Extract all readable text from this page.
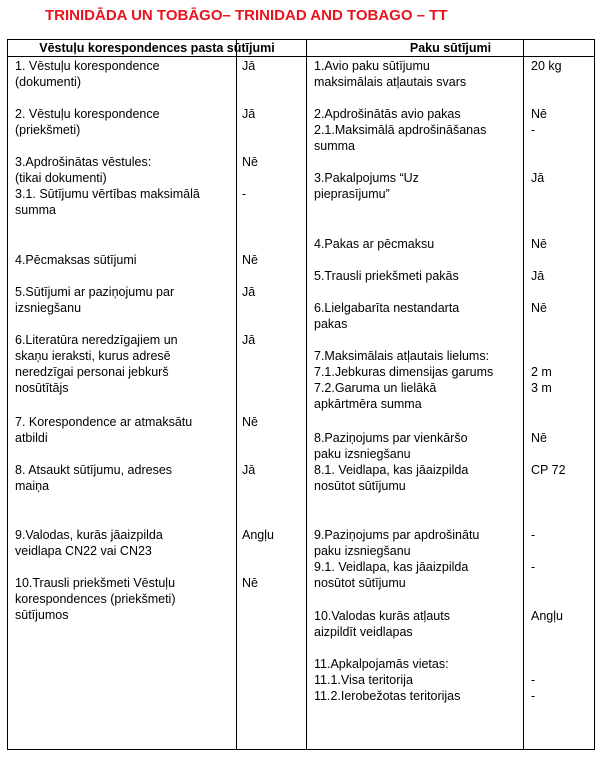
TRINIDĀDA UN TOBĀGO– TRINIDAD AND TOBAGO – TT
Vēstuļu korespondences pasta sūtījumi	Paku sūtījumi
1. Vēstuļu korespondence
(dokumenti)
Jā
2. Vēstuļu korespondence
(priekšmeti)
Jā
3.Apdrošinātas vēstules:
(tikai dokumenti)
Nē
3.1. Sūtījumu vērtības maksimālā
summa
-
4.Pēcmaksas sūtījumi	Nē
5.Sūtījumi ar paziņojumu par
izsniegšanu
Jā
6.Literatūra neredzīgajiem un
skaņu ieraksti, kurus adresē
neredzīgai personai jebkurš
nosūtītājs
Jā
7. Korespondence ar atmaksātu
atbildi
Nē
8. Atsaukt sūtījumu, adreses
maiņa
Jā
9.Valodas, kurās jāaizpilda
veidlapa CN22 vai CN23
Angļu
10.Trausli priekšmeti Vēstuļu
korespondences (priekšmeti)
sūtījumos
Nē
1.Avio paku sūtījumu
maksimālais atļautais svars
20 kg
2.Apdrošinātās avio pakas	Nē
2.1.Maksimālā apdrošināšanas
summa
-
3.Pakalpojums “Uz
pieprasījumu”
Jā
4.Pakas ar pēcmaksu	Nē
5.Trausli priekšmeti pakās	Jā
6.Lielgabarīta nestandarta
pakas
Nē
7.Maksimālais atļautais lielums:
7.1.Jebkuras dimensijas garums	2 m
7.2.Garuma un lielākā
apkārtmēra summa
3 m
8.Paziņojums par vienkāršo
paku izsniegšanu
Nē
8.1. Veidlapa, kas jāaizpilda
nosūtot sūtījumu
CP 72
9.Paziņojums par apdrošinātu
paku izsniegšanu
-
9.1. Veidlapa, kas jāaizpilda
nosūtot sūtījumu
-
10.Valodas kurās atļauts
aizpildīt veidlapas
Angļu
11.Apkalpojamās vietas:
11.1.Visa teritorija	-
11.2.Ierobežotas teritorijas	-
